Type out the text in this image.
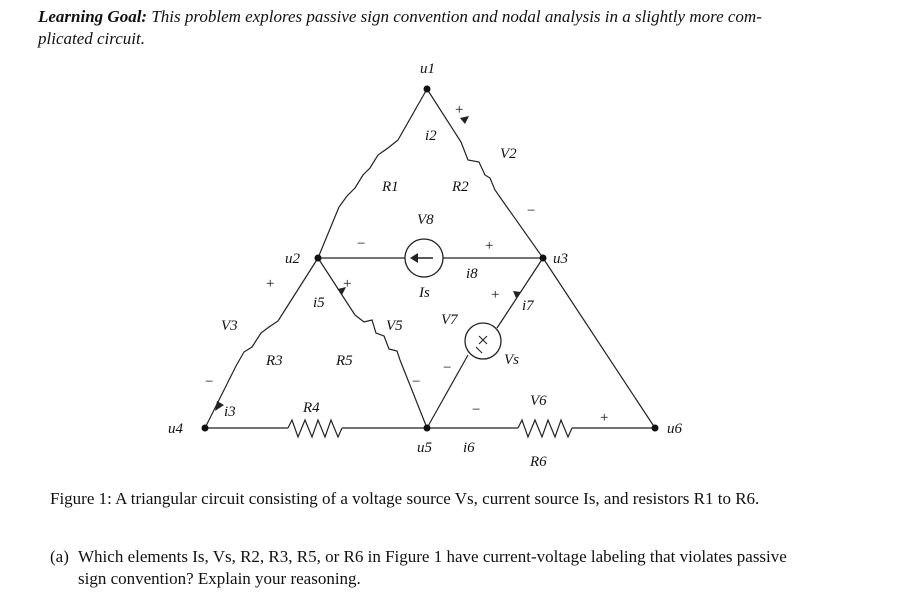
Learning Goal: This problem explores passive sign convention and nodal analysis in a slightly more com-
plicated circuit.
u1
u2	u3
u4
u5
u6
R1	R2
R3
R4
R5
R6
V2
V3	V5
V6
V7
V8
Vs
i2
i3
i5
i6
i7
i8
Is
+
−
+
−
+
−
+
−
+
−
+
−
Figure 1: A triangular circuit consisting of a voltage source Vs, current source Is, and resistors R1 to R6.
(a) Which elements Is, Vs, R2, R3, R5, or R6 in Figure 1 have current-voltage labeling that violates passive
sign convention? Explain your reasoning.
